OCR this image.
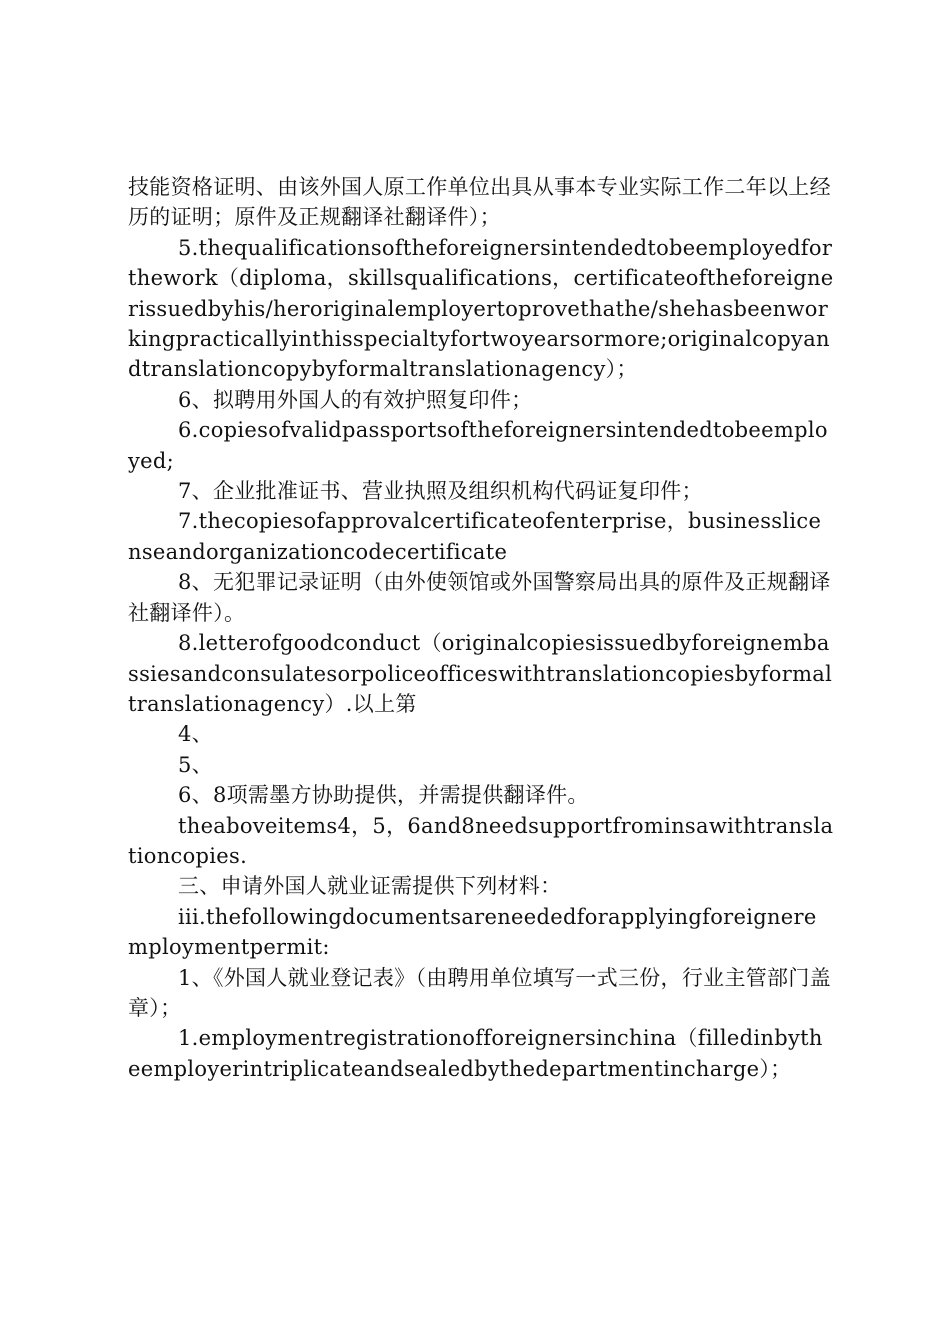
技能资格证明、由该外国人原工作单位出具从事本专业实际工作二年以上经历的证明；原件及正规翻译社翻译件）；

5.thequalificationsoftheforeignersintendedtobeemployedforthework（diploma，skillsqualifications，certificateoftheforeignerissuedbyhis/heroriginalemployertoprovethathe/shehasbeenworkingpracticallyinthisspecialtyfortwoyearsormore;originalcopyandtranslationcopybyformaltranslationagency）；

6、拟聘用外国人的有效护照复印件；

6.copiesofvalidpassportsoftheforeignersintendedtobeemployed;

7、企业批准证书、营业执照及组织机构代码证复印件；

7.thecopiesofapprovalcertificateofenterprise，businesslicenseandorganizationcodecertificate

8、无犯罪记录证明（由外使领馆或外国警察局出具的原件及正规翻译社翻译件）。

8.letterofgoodconduct（originalcopiesissuedbyforeignembassiesandconsulatesorpoliceofficeswithtranslationcopiesbyformaltranslationagency）.以上第

4、

5、

6、8项需墨方协助提供，并需提供翻译件。

theaboveitems4，5，6and8needsupportfrominsawithtranslationcopies.

三、申请外国人就业证需提供下列材料：

iii.thefollowingdocumentsareneededforapplyingforeigneremploymentpermit:

1、《外国人就业登记表》（由聘用单位填写一式三份，行业主管部门盖章）；

1.employmentregistrationofforeignersinchina（filledinbytheemployerintriplicateandsealedbythedepartmentincharge）；
